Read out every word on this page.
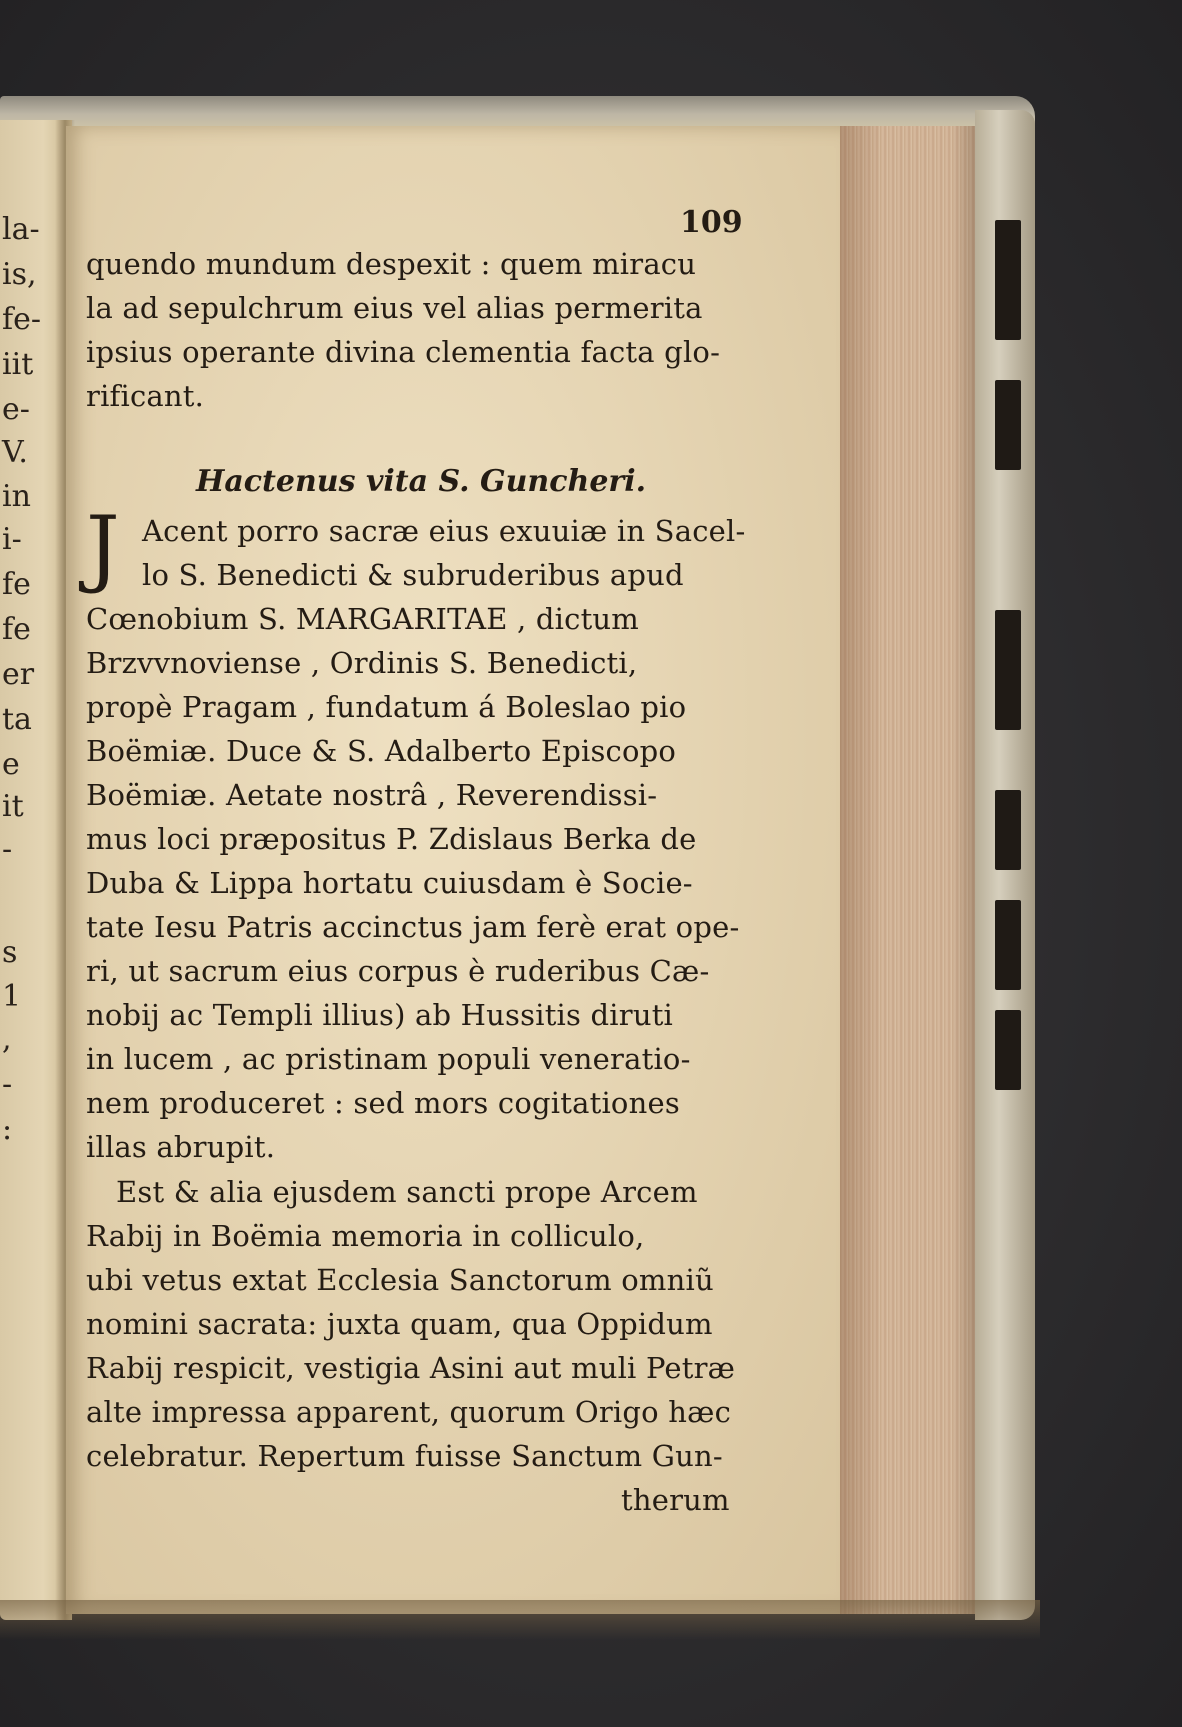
la-
is,
fe-
iit
e-
V.
in
i-
fe
fe
er
ta
e
it
-
s
1
,
-
:
109
quendo mundum despexit : quem miracu
la ad sepulchrum eius vel alias permerita
ipsius operante divina clementia facta glo-
rificant.
Hactenus vita S. Guncheri.
J Acent porro sacræ eius exuuiæ in Sacel-
lo S. Benedicti & subruderibus apud
Cœnobium S. MARGARITAE , dictum
Brzvvnoviense , Ordinis S. Benedicti,
propè Pragam , fundatum á Boleslao pio
Boëmiæ. Duce & S. Adalberto Episcopo
Boëmiæ. Aetate nostrâ , Reverendissi-
mus loci præpositus P. Zdislaus Berka de
Duba & Lippa hortatu cuiusdam è Socie-
tate Iesu Patris accinctus jam ferè erat ope-
ri, ut sacrum eius corpus è ruderibus Cæ-
nobij ac Templi illius) ab Hussitis diruti
in lucem , ac pristinam populi veneratio-
nem produceret : sed mors cogitationes
illas abrupit.
Est & alia ejusdem sancti prope Arcem
Rabij in Boëmia memoria in colliculo,
ubi vetus extat Ecclesia Sanctorum omniũ
nomini sacrata: juxta quam, qua Oppidum
Rabij respicit, vestigia Asini aut muli Petræ
alte impressa apparent, quorum Origo hæc
celebratur. Repertum fuisse Sanctum Gun-
therum
